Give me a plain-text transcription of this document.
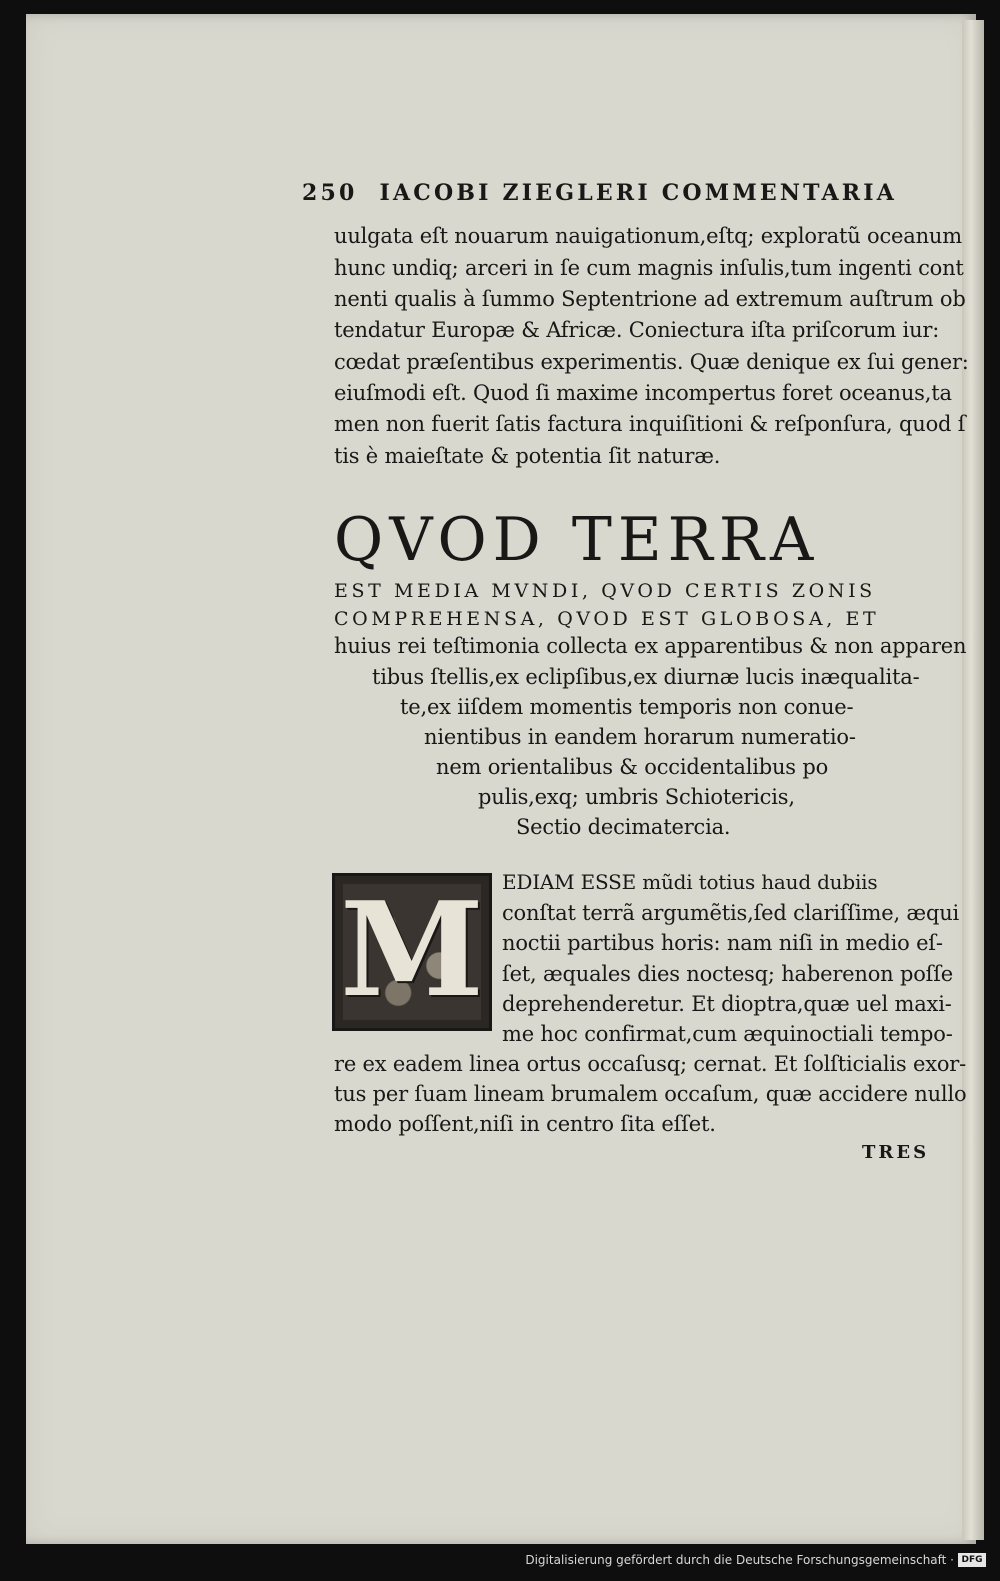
250 IACOBI ZIEGLERI COMMENTARIA
uulgata eſt nouarum nauigationum,eſtq; exploratũ oceanum
hunc undiq; arceri in ſe cum magnis inſulis,tum ingenti cont
nenti qualis à ſummo Septentrione ad extremum auſtrum ob
tendatur Europæ & Africæ. Coniectura iſta priſcorum iur:
cœdat præſentibus experimentis. Quæ denique ex ſui gener:
eiuſmodi eſt. Quod ſi maxime incompertus foret oceanus,ta
men non fuerit ſatis factura inquiſitioni & reſponſura, quod ſ
tis è maieſtate & potentia ſit naturæ.
QVOD TERRA
EST MEDIA MVNDI, QVOD CERTIS ZONIS
COMPREHENSA, QVOD EST GLOBOSA, ET
huius rei teſtimonia collecta ex apparentibus & non apparen
tibus ſtellis,ex eclipſibus,ex diurnæ lucis inæqualita-
te,ex iiſdem momentis temporis non conue-
nientibus in eandem horarum numeratio-
nem orientalibus & occidentalibus po
pulis,exq; umbris Schiotericis,
Sectio decimatercia.
M EDIAM ESSE mũdi totius haud dubiis
conſtat terrã argumẽtis,ſed clariſſime, æqui
noctii partibus horis: nam niſi in medio eſ-
ſet, æquales dies noctesq; haberenon poſſe
deprehenderetur. Et dioptra,quæ uel maxi-
me hoc confirmat,cum æquinoctiali tempo-
re ex eadem linea ortus occaſusq; cernat. Et ſolſticialis exor-
tus per ſuam lineam brumalem occaſum, quæ accidere nullo
modo poſſent,niſi in centro ſita eſſet.
TRES
Digitalisierung gefördert durch die Deutsche Forschungsgemeinschaft · DFG
